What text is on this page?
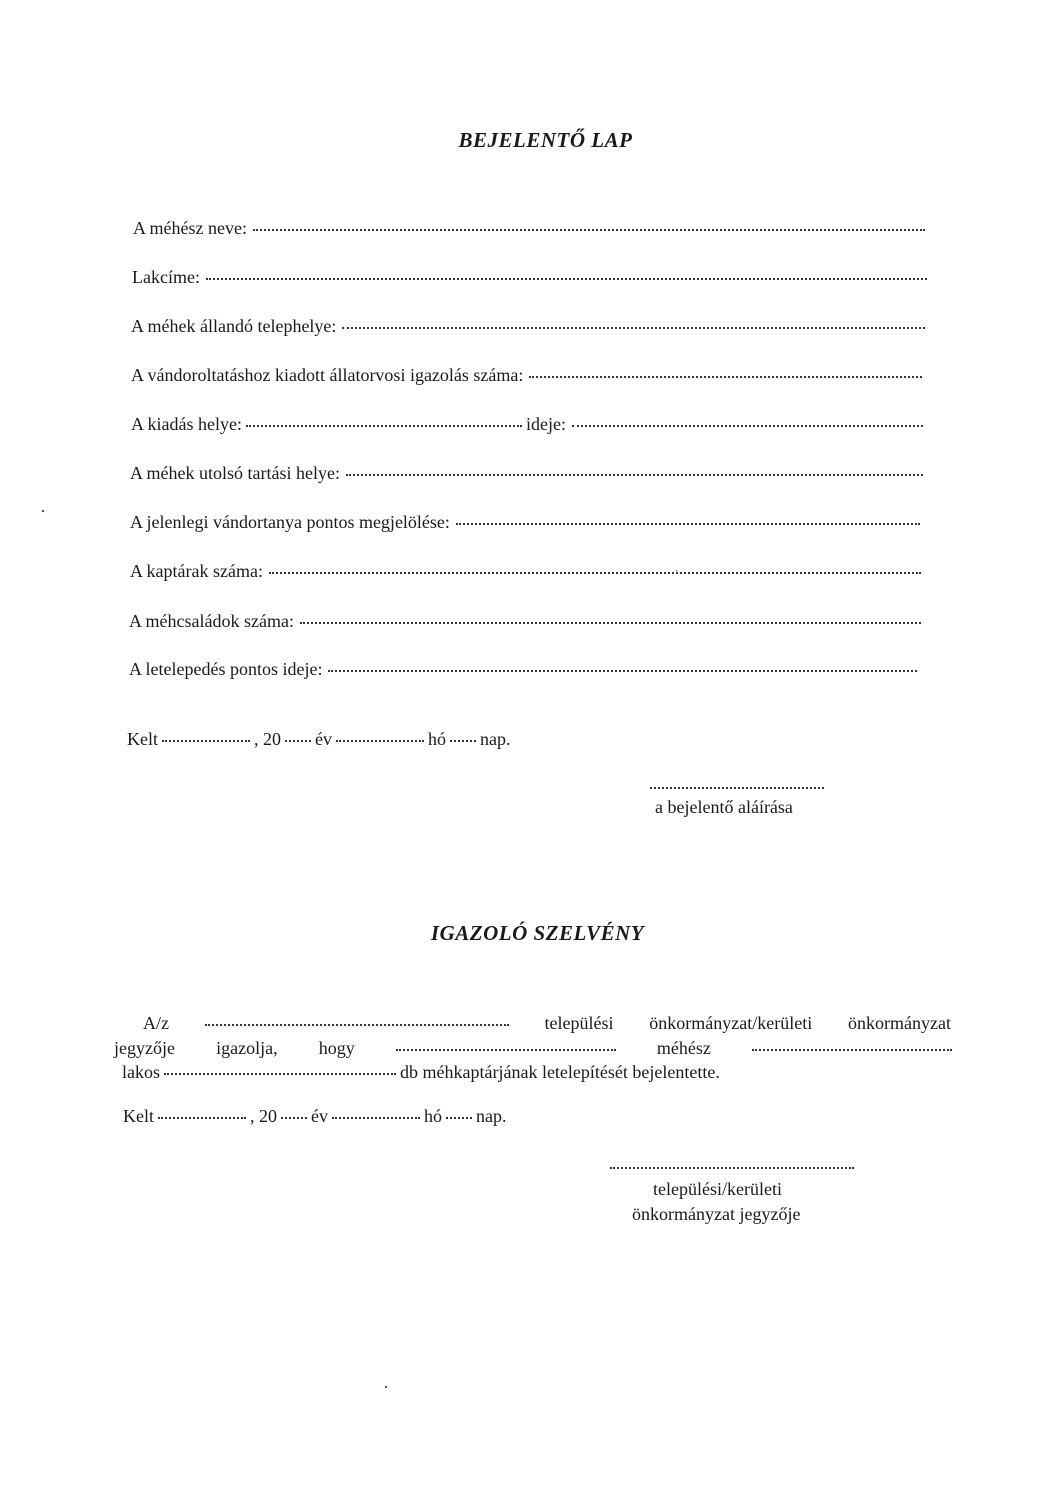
BEJELENTŐ LAP
A méhész neve:
Lakcíme:
A méhek állandó telephelye:
A vándoroltatáshoz kiadott állatorvosi igazolás száma:
A kiadás helye:	ideje:
A méhek utolsó tartási helye:
A jelenlegi vándortanya pontos megjelölése:
A kaptárak száma:
A méhcsaládok száma:
A letelepedés pontos ideje:
Kelt	, 20 év	hó nap.
a bejelentő aláírása
IGAZOLÓ SZELVÉNY
A/z	települési önkormányzat/kerületi önkormányzat
jegyzője igazolja, hogy	méhész
lakos	db méhkaptárjának letelepítését bejelentette.
Kelt	, 20 év	hó nap.
települési/kerületi
önkormányzat jegyzője
